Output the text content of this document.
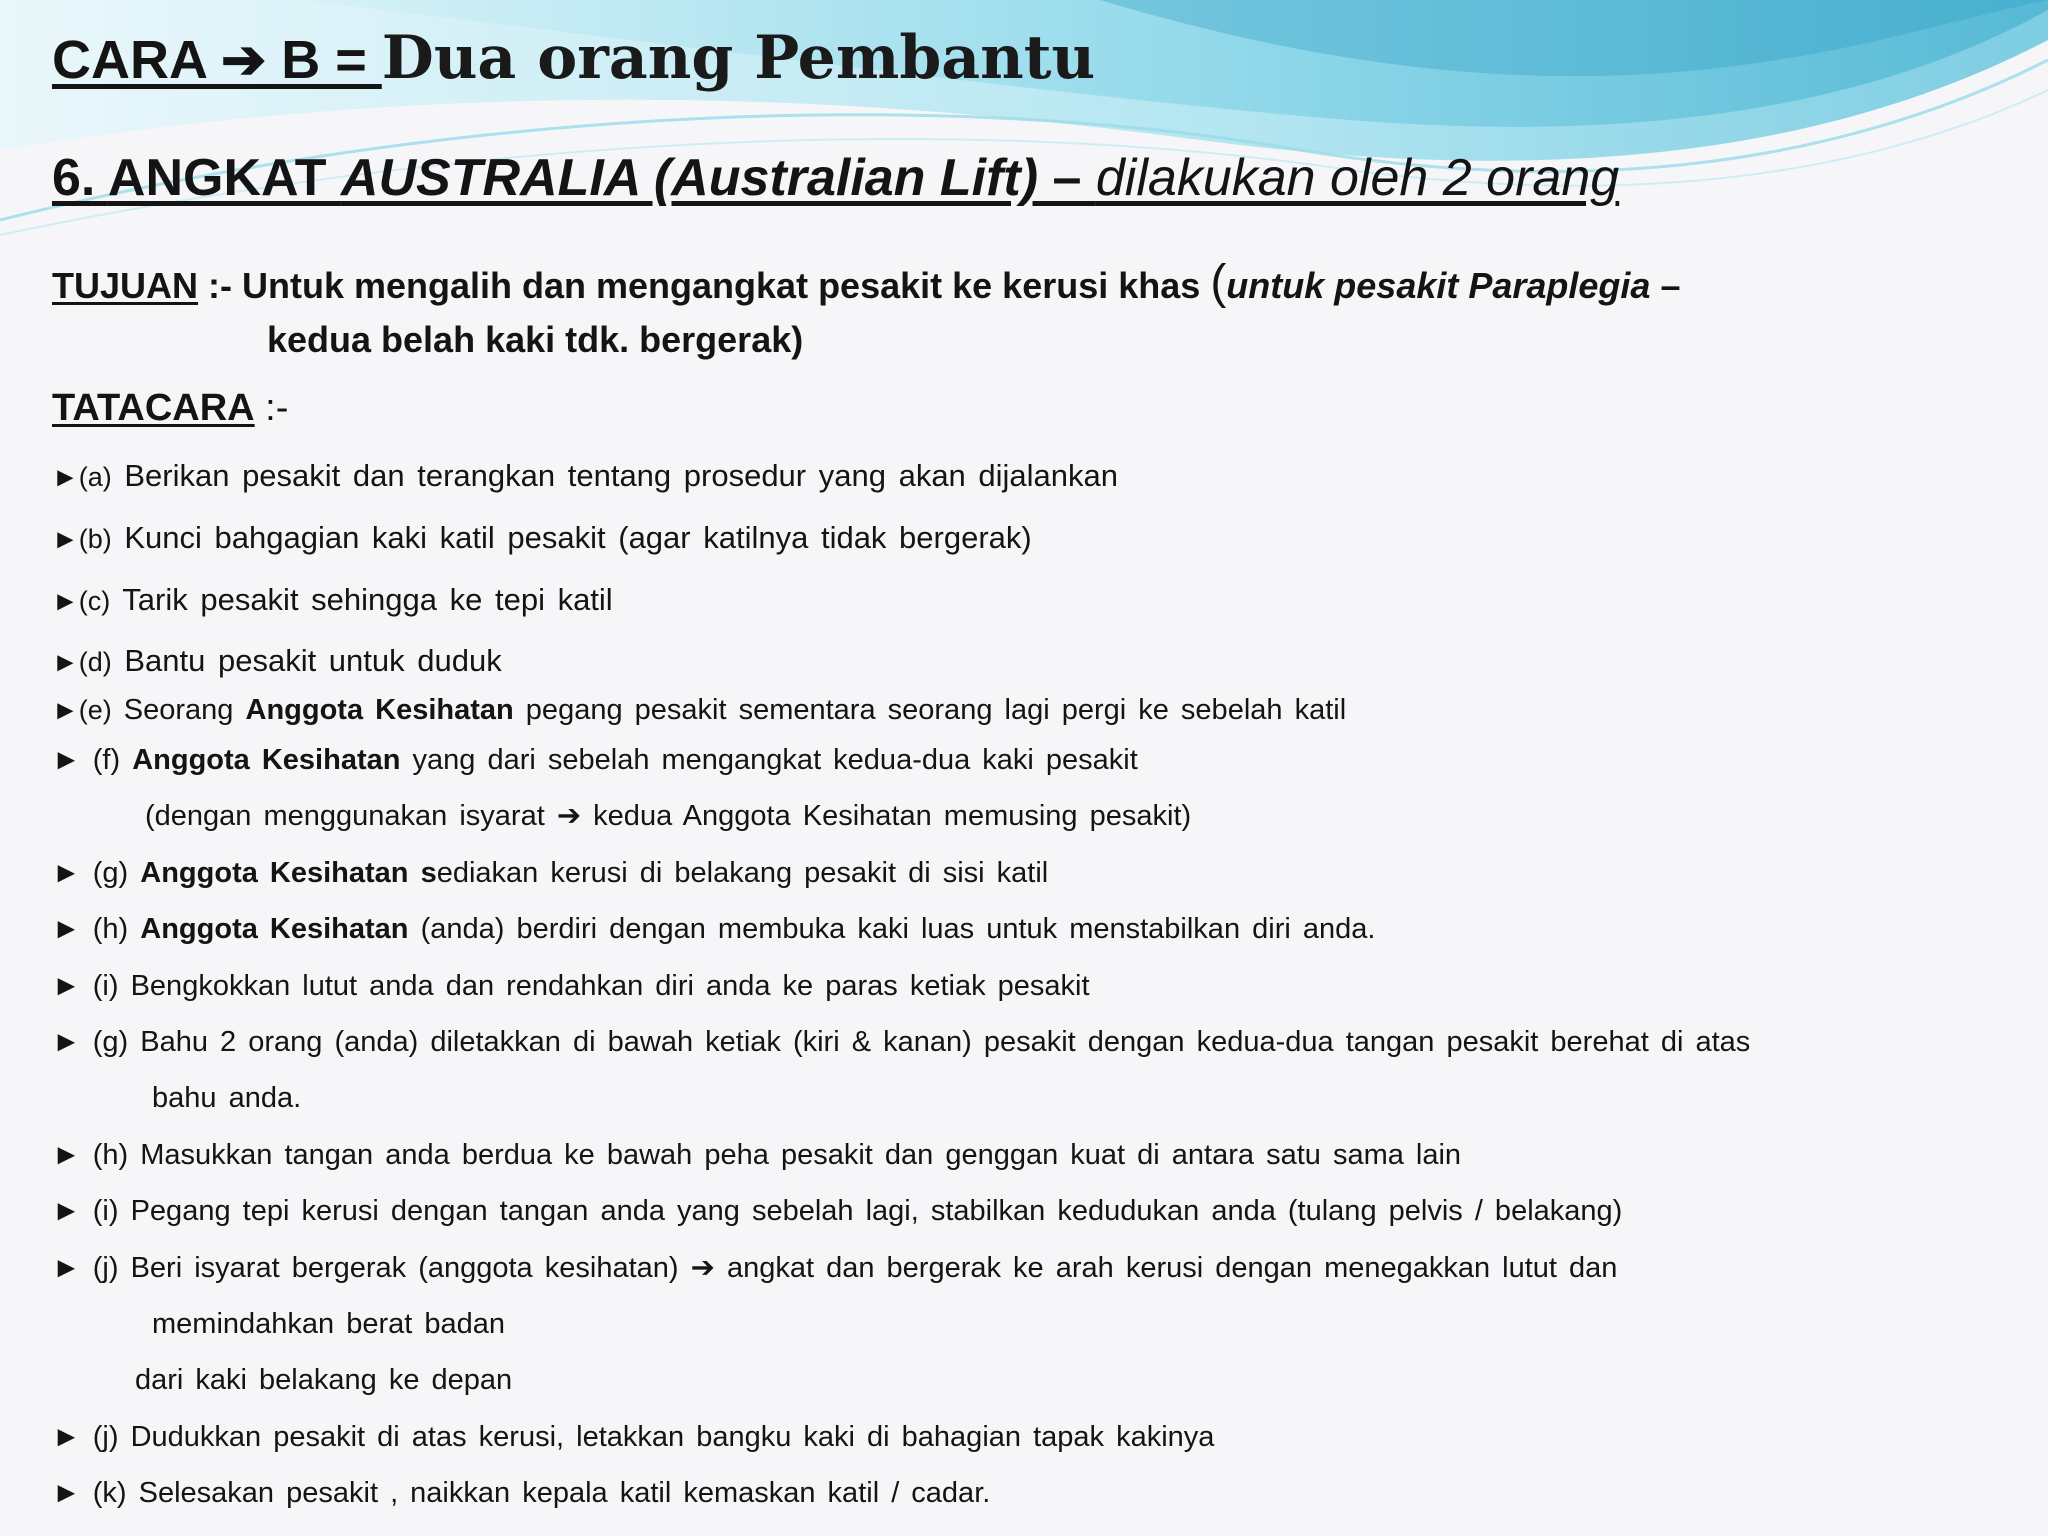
CARA ➔ B = Dua orang Pembantu
6. ANGKAT AUSTRALIA (Australian Lift) – dilakukan oleh 2 orang
TUJUAN :- Untuk mengalih dan mengangkat pesakit ke kerusi khas (untuk pesakit Paraplegia –
kedua belah kaki tdk. bergerak)
TATACARA :-
►(a) Berikan pesakit dan terangkan tentang prosedur yang akan dijalankan
►(b) Kunci bahgagian kaki katil pesakit (agar katilnya tidak bergerak)
►(c) Tarik pesakit sehingga ke tepi katil
►(d) Bantu pesakit untuk duduk
►(e) Seorang Anggota Kesihatan pegang pesakit sementara seorang lagi pergi ke sebelah katil
► (f) Anggota Kesihatan yang dari sebelah mengangkat kedua-dua kaki pesakit
(dengan menggunakan isyarat ➔ kedua Anggota Kesihatan memusing pesakit)
► (g) Anggota Kesihatan sediakan kerusi di belakang pesakit di sisi katil
► (h) Anggota Kesihatan (anda) berdiri dengan membuka kaki luas untuk menstabilkan diri anda.
► (i) Bengkokkan lutut anda dan rendahkan diri anda ke paras ketiak pesakit
► (g) Bahu 2 orang (anda) diletakkan di bawah ketiak (kiri & kanan) pesakit dengan kedua-dua tangan pesakit berehat di atas
bahu anda.
► (h) Masukkan tangan anda berdua ke bawah peha pesakit dan genggan kuat di antara satu sama lain
► (i) Pegang tepi kerusi dengan tangan anda yang sebelah lagi, stabilkan kedudukan anda (tulang pelvis / belakang)
► (j) Beri isyarat bergerak (anggota kesihatan) ➔ angkat dan bergerak ke arah kerusi dengan menegakkan lutut dan
memindahkan berat badan
dari kaki belakang ke depan
► (j) Dudukkan pesakit di atas kerusi, letakkan bangku kaki di bahagian tapak kakinya
► (k) Selesakan pesakit , naikkan kepala katil kemaskan katil / cadar.
